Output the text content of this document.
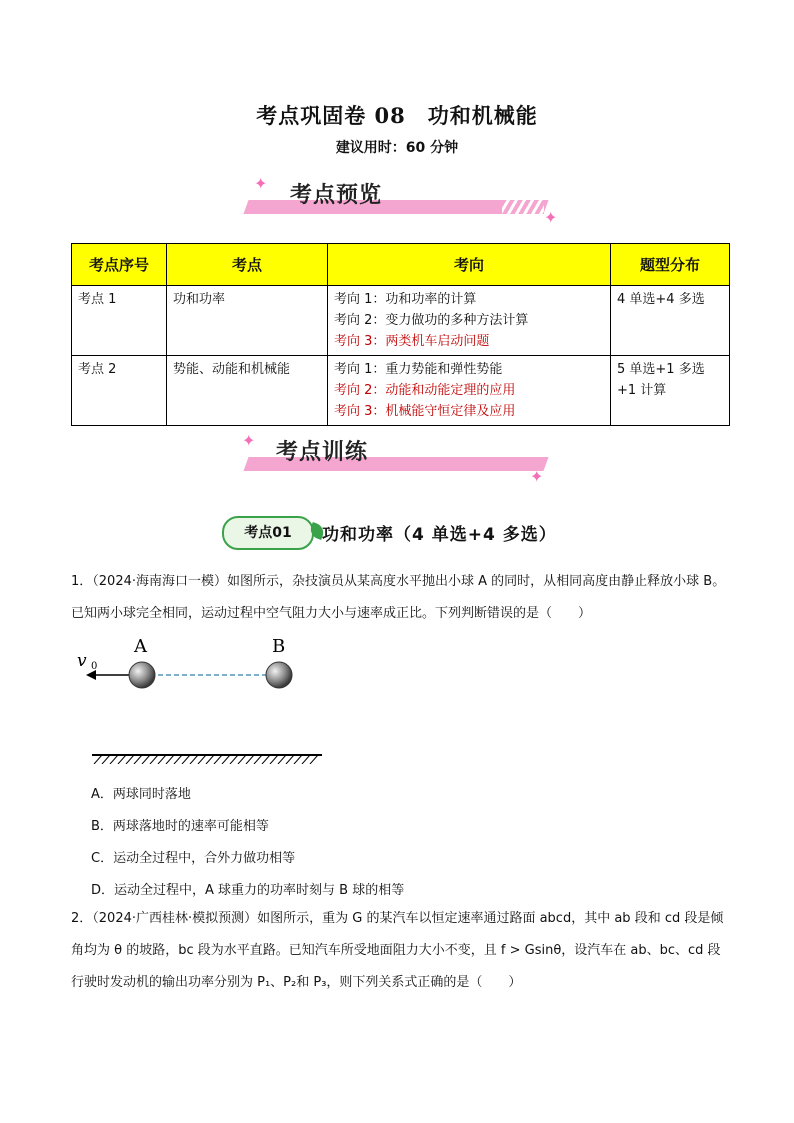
考点巩固卷 08　功和机械能
建议用时：60 分钟
✦ 考点预览
✦
考点序号	考点	考向	题型分布
考点 1	功和功率	考向 1：功和功率的计算
考向 2：变力做功的多种方法计算
考向 3：两类机车启动问题	4 单选+4 多选
考点 2	势能、动能和机械能	考向 1：重力势能和弹性势能
考向 2：动能和动能定理的应用
考向 3：机械能守恒定律及应用	5 单选+1 多选+1 计算
✦ 考点训练
✦
考点01	功和功率（4 单选+4 多选）
1．（2024·海南海口一模）如图所示，杂技演员从某高度水平抛出小球 A 的同时，从相同高度由静止释放小球 B。已知两小球完全相同，运动过程中空气阻力大小与速率成正比。下列判断错误的是（　　）
v 0
A	B
A．两球同时落地
B．两球落地时的速率可能相等
C．运动全过程中，合外力做功相等
D．运动全过程中，A 球重力的功率时刻与 B 球的相等
2．（2024·广西桂林·模拟预测）如图所示，重为 G 的某汽车以恒定速率通过路面 abcd，其中 ab 段和 cd 段是倾角均为 θ 的坡路，bc 段为水平直路。已知汽车所受地面阻力大小不变，且 f > Gsinθ，设汽车在 ab、bc、cd 段行驶时发动机的输出功率分别为 P₁、P₂和 P₃，则下列关系式正确的是（　　）
